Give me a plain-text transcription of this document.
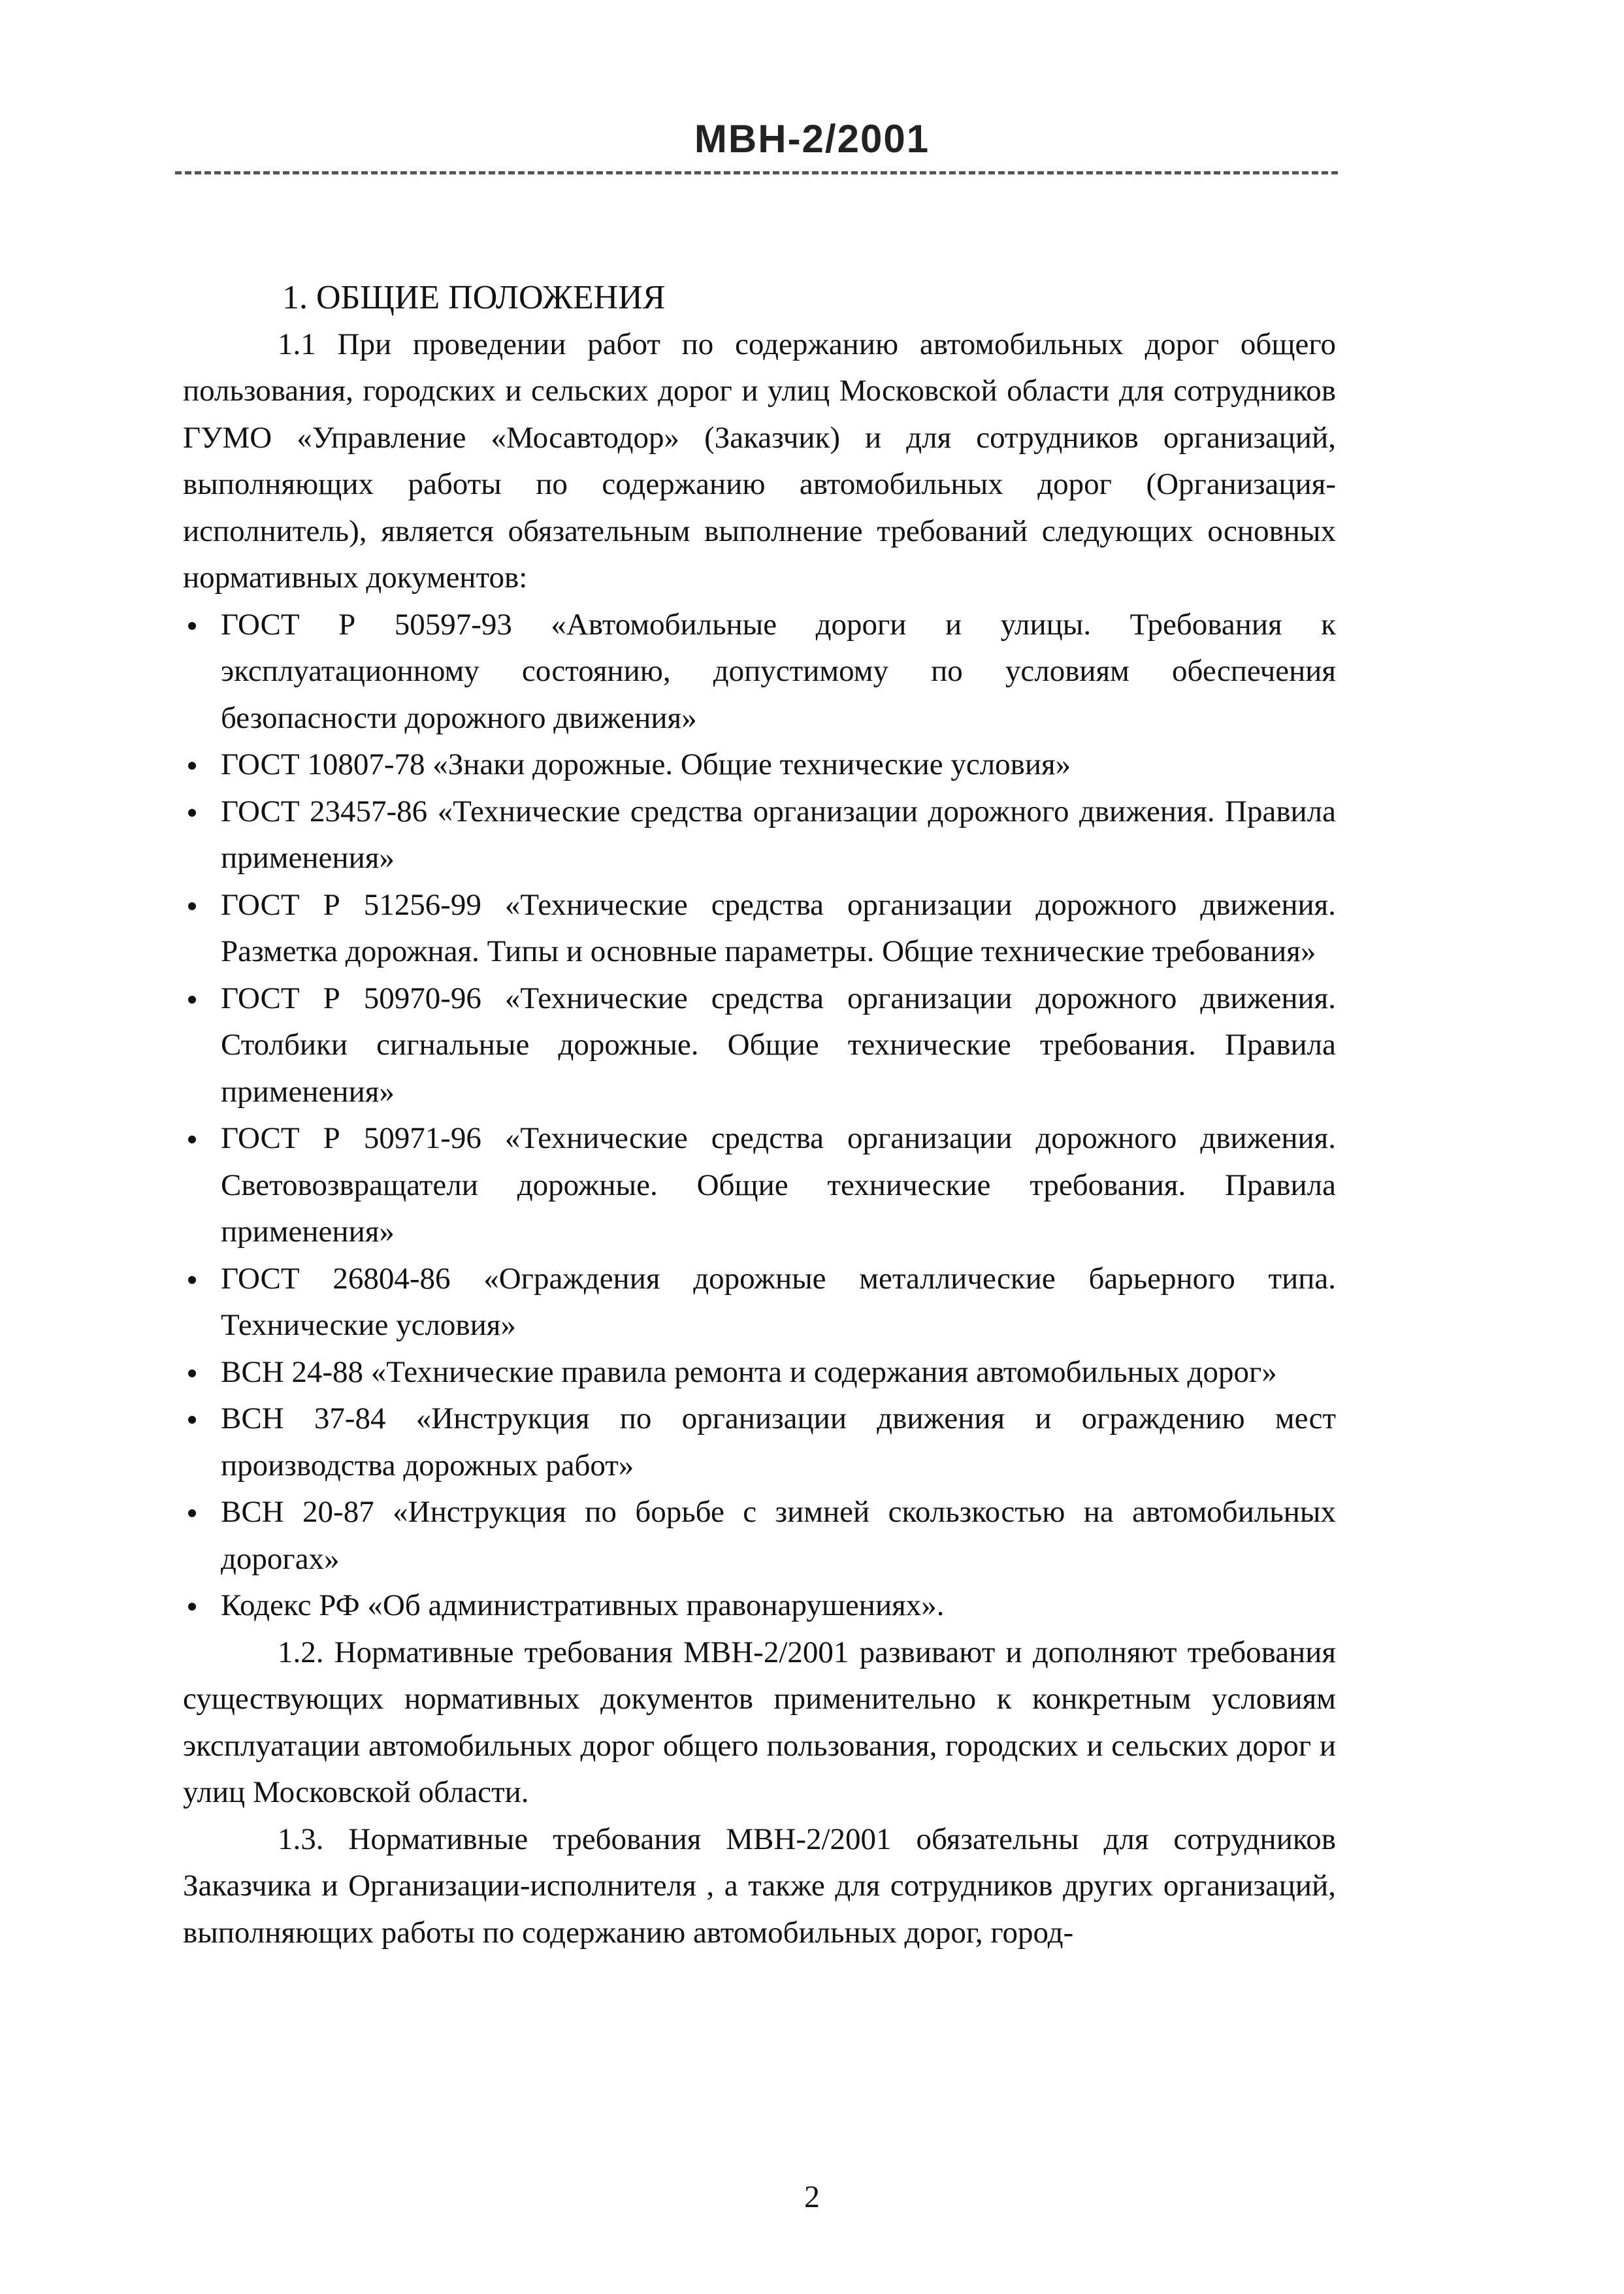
МВН-2/2001
1. ОБЩИЕ ПОЛОЖЕНИЯ

1.1 При проведении работ по содержанию автомобильных дорог общего пользования, городских и сельских дорог и улиц Московской области для сотрудников ГУМО «Управление «Мосавтодор» (Заказчик) и для сотрудников организаций, выполняющих работы по содержанию автомобильных дорог (Организация-исполнитель), является обязательным выполнение требований следующих основных нормативных документов:

ГОСТ Р 50597-93 «Автомобильные дороги и улицы. Требования к эксплуатационному состоянию, допустимому по условиям обеспечения безопасности дорожного движения»
ГОСТ 10807-78 «Знаки дорожные. Общие технические условия»
ГОСТ 23457-86 «Технические средства организации дорожного движения. Правила применения»
ГОСТ Р 51256-99 «Технические средства организации дорожного движения. Разметка дорожная. Типы и основные параметры. Общие технические требования»
ГОСТ Р 50970-96 «Технические средства организации дорожного движения. Столбики сигнальные дорожные. Общие технические требования. Правила применения»
ГОСТ Р 50971-96 «Технические средства организации дорожного движения. Световозвращатели дорожные. Общие технические требования. Правила применения»
ГОСТ 26804-86 «Ограждения дорожные металлические барьерного типа. Технические условия»
ВСН 24-88 «Технические правила ремонта и содержания автомобильных дорог»
ВСН 37-84 «Инструкция по организации движения и ограждению мест производства дорожных работ»
ВСН 20-87 «Инструкция по борьбе с зимней скользкостью на автомобильных дорогах»
Кодекс РФ «Об административных правонарушениях».

1.2. Нормативные требования МВН-2/2001 развивают и дополняют требования существующих нормативных документов применительно к конкретным условиям эксплуатации автомобильных дорог общего пользования, городских и сельских дорог и улиц Московской области.

1.3. Нормативные требования МВН-2/2001 обязательны для сотрудников Заказчика и Организации-исполнителя , а также для сотрудников других организаций, выполняющих работы по содержанию автомобильных дорог, город-

2
